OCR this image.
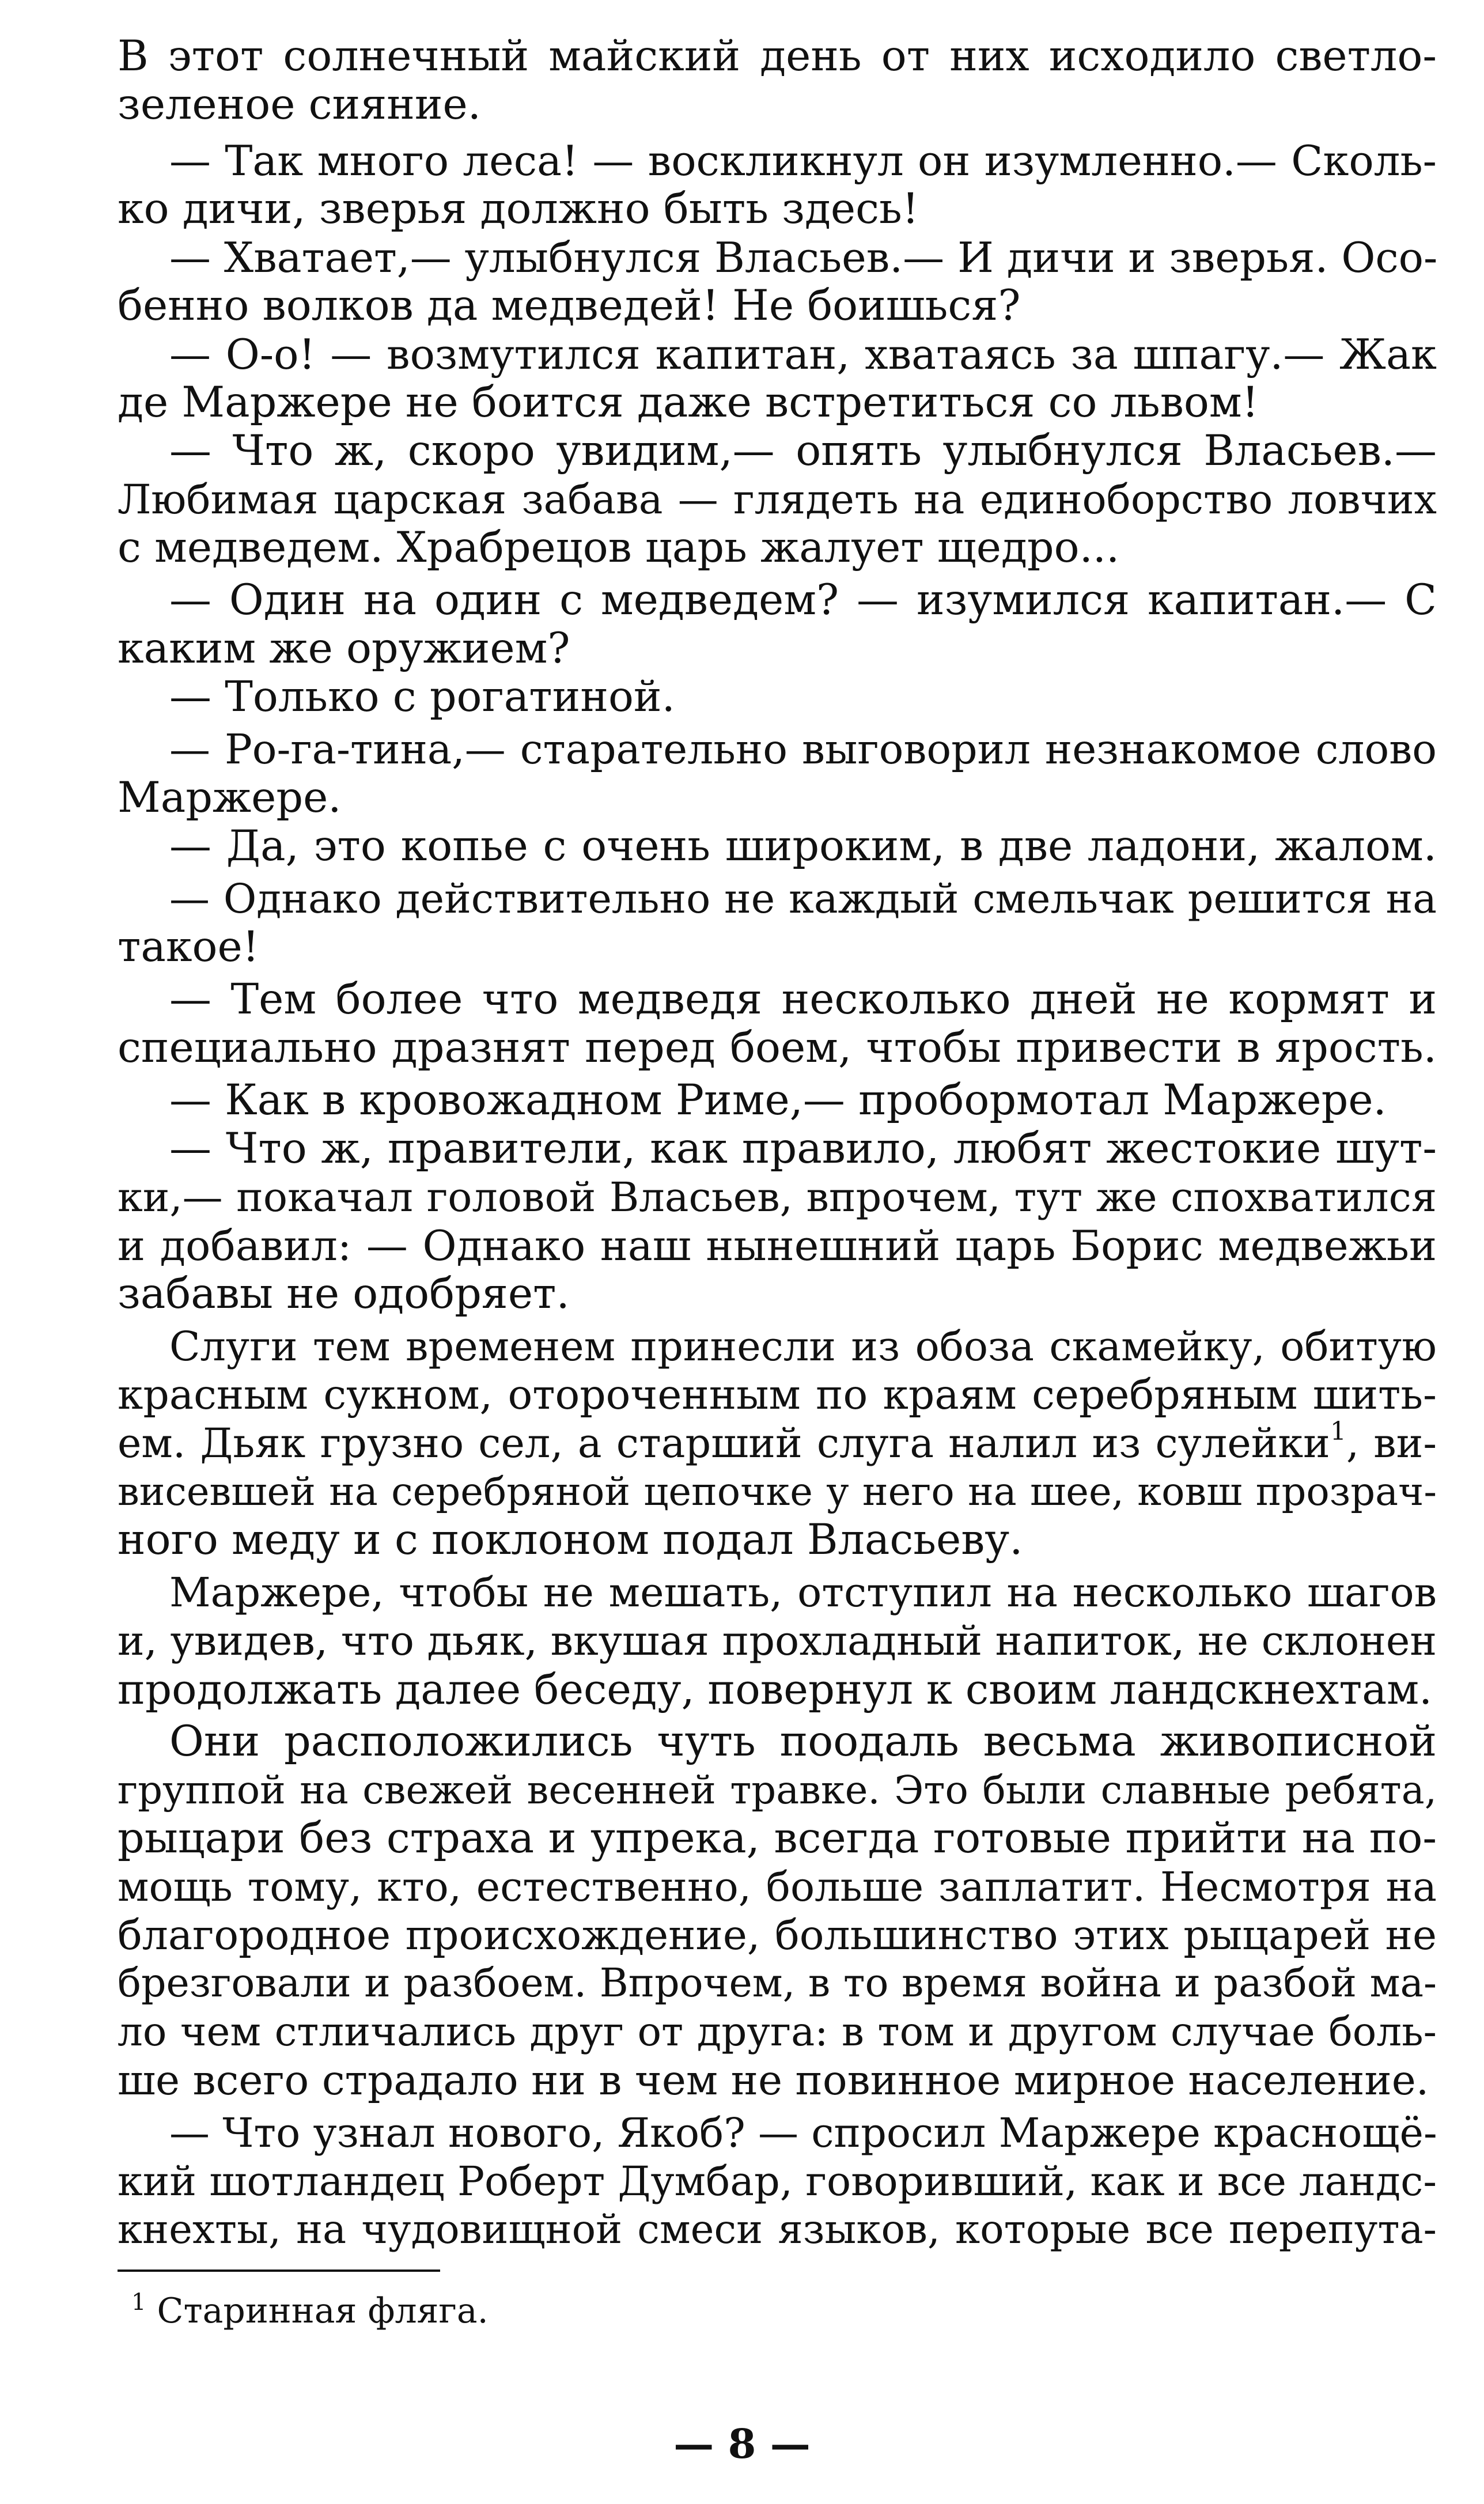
В этот солнечный майский день от них исходило светло-
зеленое сияние.
— Так много леса! — воскликнул он изумленно.— Сколь-
ко дичи, зверья должно быть здесь!
— Хватает,— улыбнулся Власьев.— И дичи и зверья. Осо-
бенно волков да медведей! Не боишься?
— О-о! — возмутился капитан, хватаясь за шпагу.— Жак
де Маржере не боится даже встретиться со львом!
— Что ж, скоро увидим,— опять улыбнулся Власьев.—
Любимая царская забава — глядеть на единоборство ловчих
с медведем. Храбрецов царь жалует щедро...
— Один на один с медведем? — изумился капитан.— С
каким же оружием?
— Только с рогатиной.
— Ро-га-тина,— старательно выговорил незнакомое слово
Маржере.
— Да, это копье с очень широким, в две ладони, жалом.
— Однако действительно не каждый смельчак решится на
такое!
— Тем более что медведя несколько дней не кормят и
специально дразнят перед боем, чтобы привести в ярость.
— Как в кровожадном Риме,— пробормотал Маржере.
— Что ж, правители, как правило, любят жестокие шут-
ки,— покачал головой Власьев, впрочем, тут же спохватился
и добавил: — Однако наш нынешний царь Борис медвежьи
забавы не одобряет.
Слуги тем временем принесли из обоза скамейку, обитую
красным сукном, отороченным по краям серебряным шить-
ем. Дьяк грузно сел, а старший слуга налил из сулейки$^1$, ви-
висевшей на серебряной цепочке у него на шее, ковш прозрач-
ного меду и с поклоном подал Власьеву.
Маржере, чтобы не мешать, отступил на несколько шагов
и, увидев, что дьяк, вкушая прохладный напиток, не склонен
продолжать далее беседу, повернул к своим ландскнехтам.
Они расположились чуть поодаль весьма живописной
группой на свежей весенней травке. Это были славные ребята,
рыцари без страха и упрека, всегда готовые прийти на по-
мощь тому, кто, естественно, больше заплатит. Несмотря на
благородное происхождение, большинство этих рыцарей не
брезговали и разбоем. Впрочем, в то время война и разбой ма-
ло чем стличались друг от друга: в том и другом случае боль-
ше всего страдало ни в чем не повинное мирное население.
— Что узнал нового, Якоб? — спросил Маржере краснощё-
кий шотландец Роберт Думбар, говоривший, как и все ландс-
кнехты, на чудовищной смеси языков, которые все перепута-
$^1$ Старинная фляга.
— 8 —
